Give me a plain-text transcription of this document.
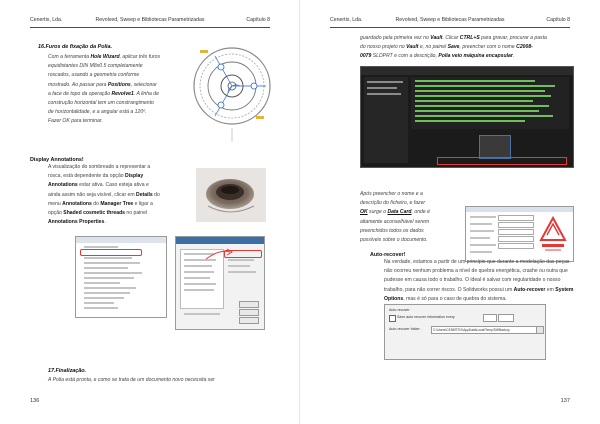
Cenertix, Lda.	Revolved, Sweep e Bibliotecas Parametrizadas	Capítulo 8
16.Furos de fixação da Polia.
Com a ferramenta Hole Wizard, aplicar três furos
equidistantes DIN M8x0.5 completamente
roscados, usando a geometria conforme
mostrado. Ao passar para Positions, selecionar
a face de topo da operação Revolve1. A linha de
construção horizontal tem um constrangimento
de horizontalidade, e a angular está a 120º.
Fazer OK para terminar.
Display Annotations!
A visualização do sombreado a representar a
rosca, está dependente da opção Display
Annotations estar ativa. Caso esteja ativa e
ainda assim não seja visível, clicar em Details do
menu Annotations do Manager Tree e ligar a
opção Shaded cosmetic threads no painel
Annotations Properties.
17.Finalização.
A Polia está pronta, e como se trata de um documento novo necessita ser
136
Cenertix, Lda.	Revolved, Sweep e Bibliotecas Parametrizadas	Capítulo 8
guardado pela primeira vez no Vault. Clicar CTRL+S para gravar, procurar a pasta
do nosso projeto no Vault e, no painel Save, preencher com o nome C2008-
0079 SLDPRT e com a descrição, Polia veio máquina encapsular.
Após preencher o nome e a
descrição do ficheiro, e fazer
OK surge o Data Card, onde é
altamente aconselhável serem
preenchidos todos os dados
possíveis sobre o documento.
Auto-recover!
Na verdade, estamos a partir de um principio que durante a modelação das peças
não ocorreu nenhum problema a nível de quebra energética, crashe ou outra que
pudesse em causa todo o trabalho. O ideal é salvar com regularidade o nosso
trabalho, para não correr riscos. O Solidworks possui um Auto-recover em System
Options, mas é só para o caso de quebra do sistema.
Auto-recover
Save auto recover information every
Auto-recover folder:	C:\Users\CENERTIX\AppData\Local\Temp\SWBackup
137
